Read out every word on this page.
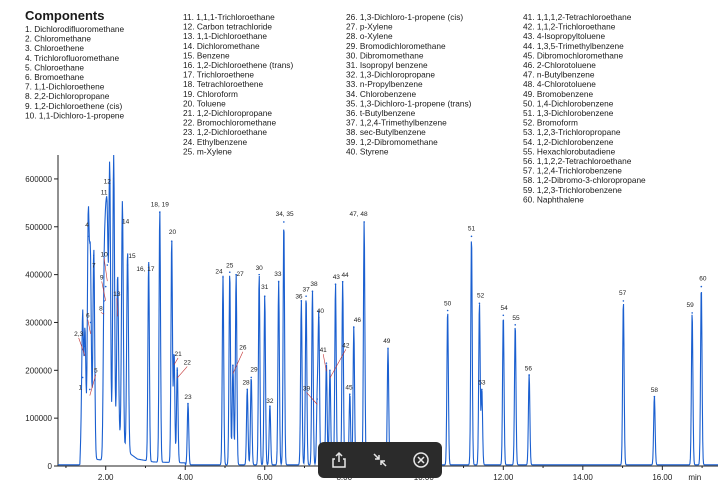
Components
1. Dichlorodifluoromethane
2. Chloromethane
3. Chloroethene
4. Trichlorofluoromethane
5. Chloroethane
6. Bromoethane
7. 1,1-Dichloroethene
8. 2,2-Dichloropropane
9. 1,2-Dichloroethene (cis)
10. 1,1-Dichloro-1-propene
11. 1,1,1-Trichloroethane
12. Carbon tetrachloride
13. 1,1-Dichloroethane
14. Dichloromethane
15. Benzene
16. 1,2-Dichloroethene (trans)
17. Trichloroethene
18. Tetrachloroethene
19. Chloroform
20. Toluene
21. 1,2-Dichloropropane
22. Bromochloromethane
23. 1,2-Dichloroethane
24. Ethylbenzene
25. m-Xylene
26. 1,3-Dichloro-1-propene (cis)
27. p-Xylene
28. o-Xylene
29. Bromodichloromethane
30. Dibromomethane
31. Isopropyl benzene
32. 1,3-Dichloropropane
33. n-Propylbenzene
34. Chlorobenzene
35. 1,3-Dichloro-1-propene (trans)
36. t-Butylbenzene
37. 1,2,4-Trimethylbenzene
38. sec-Butylbenzene
39. 1,2-Dibromomethane
40. Styrene
41. 1,1,1,2-Tetrachloroethane
42. 1,1,2-Trichloroethane
43. 4-Isopropyltoluene
44. 1,3,5-Trimethylbenzene
45. Dibromochloromethane
46. 2-Chlorotoluene
47. n-Butylbenzene
48. 4-Chlorotoluene
49. Bromobenzene
50. 1,4-Dichlorobenzene
51. 1,3-Dichlorobenzene
52. Bromoform
53. 1,2,3-Trichloropropane
54. 1,2-Dichlorobenzene
55. Hexachlorobutadiene
56. 1,1,2,2-Tetrachloroethane
57. 1,2,4-Trichlorobenzene
58. 1,2-Dibromo-3-chloropropane
59. 1,2,3-Trichlorobenzene
60. Naphthalene
0
100000
200000
300000
400000
500000
600000
2.00	4.00	6.00	12.00	14.00	16.00 min
1
2,3
4
5
6
7
8
9
10
11
12
13
14
15
16, 17
18, 19
20
21
22
23
24
25
26
27
28
29
30
31
32
33
34, 35
36
37
38
39
40
41
42
43 44
45
46
47, 48
49
50
51
52
53
54
55
56
57
58
59
60
